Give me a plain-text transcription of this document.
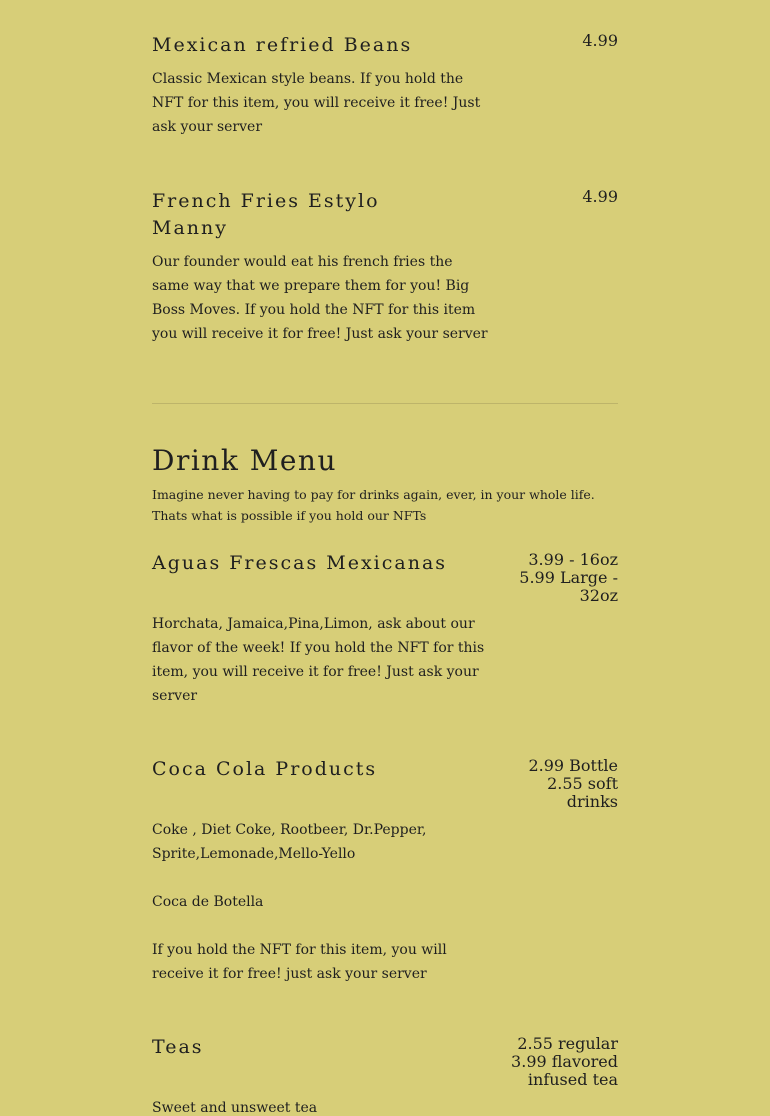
Mexican refried Beans	4.99
Classic Mexican style beans. If you hold the NFT for this item, you will receive it free! Just ask your server
French Fries Estylo
Manny
4.99
Our founder would eat his french fries the same way that we prepare them for you! Big Boss Moves. If you hold the NFT for this item you will receive it for free! Just ask your server
Drink Menu
Imagine never having to pay for drinks again, ever, in your whole life. Thats what is possible if you hold our NFTs
Aguas Frescas Mexicanas	3.99 - 16oz
5.99 Large -
32oz
Horchata, Jamaica,Pina,Limon, ask about our flavor of the week! If you hold the NFT for this item, you will receive it for free! Just ask your server
Coca Cola Products	2.99 Bottle
2.55 soft
drinks
Coke , Diet Coke, Rootbeer, Dr.Pepper, Sprite,Lemonade,Mello-Yello
Coca de Botella
If you hold the NFT for this item, you will receive it for free! just ask your server
Teas	2.55 regular
3.99 flavored
infused tea
Sweet and unsweet tea
